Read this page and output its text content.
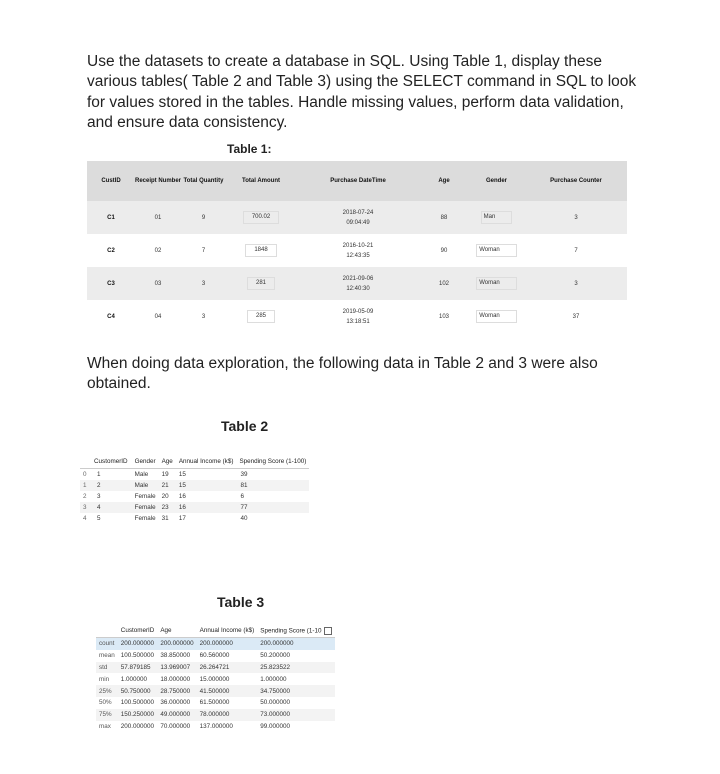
Use the datasets to create a database in SQL. Using Table 1, display these various tables( Table 2 and Table 3) using the SELECT command in SQL to look for values stored in the tables. Handle missing values, perform data validation, and ensure data consistency.

Table 1:
CustID	Receipt Number	Total Quantity	Total Amount	Purchase DateTime	Age	Gender	Purchase Counter
C1	01	9	700.02	2018-07-24 09:04:49	88	Man	3
C2	02	7	1848	2016-10-21 12:43:35	90	Woman	7
C3	03	3	281	2021-09-06 12:40:30	102	Woman	3
C4	04	3	285	2019-05-09 13:18:51	103	Woman	37

When doing data exploration, the following data in Table 2 and 3 were also obtained.

Table 2
	CustomerID	Gender	Age	Annual Income (k$)	Spending Score (1-100)
0	1	Male	19	15	39
1	2	Male	21	15	81
2	3	Female	20	16	6
3	4	Female	23	16	77
4	5	Female	31	17	40
Table 3
	CustomerID	Age	Annual Income (k$)	Spending Score (1-10
count	200.000000	200.000000	200.000000	200.000000
mean	100.500000	38.850000	60.560000	50.200000
std	57.879185	13.969007	26.264721	25.823522
min	1.000000	18.000000	15.000000	1.000000
25%	50.750000	28.750000	41.500000	34.750000
50%	100.500000	36.000000	61.500000	50.000000
75%	150.250000	49.000000	78.000000	73.000000
max	200.000000	70.000000	137.000000	99.000000
